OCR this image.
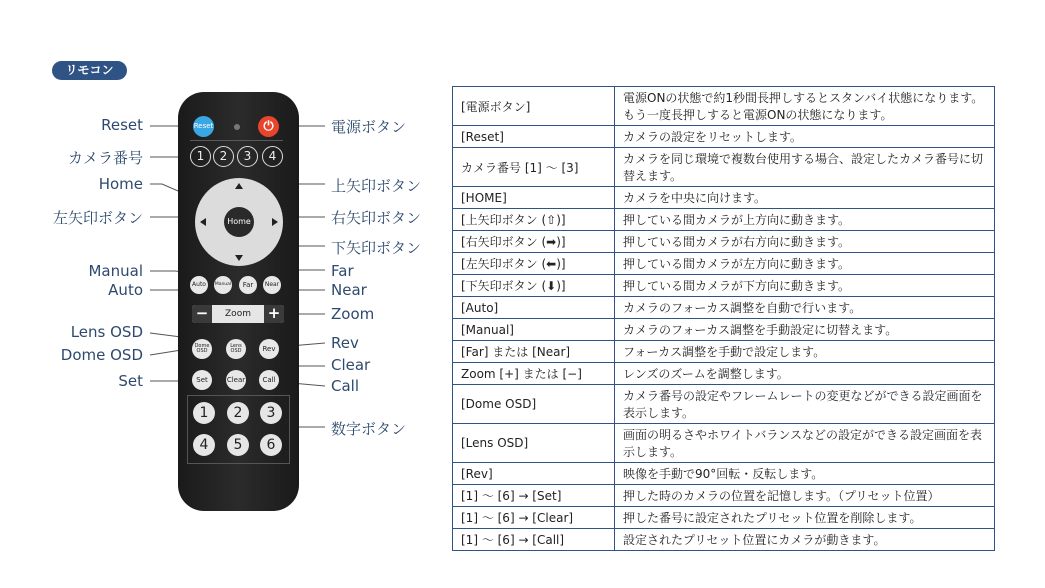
リモコン
Reset	⏻
1	2	3	4
Home
Auto	Manual	Far	Near
−	Zoom	+
Dome OSD
Lens OSD	Rev
Set	Clear	Call
1	2	3
4	5	6
Reset
カメラ番号
Home
左矢印ボタン
Manual
Auto
Lens OSD
Dome OSD
Set
電源ボタン
上矢印ボタン
右矢印ボタン
下矢印ボタン
Far
Near
Zoom
Rev
Clear
Call
数字ボタン
[電源ボタン]	電源ONの状態で約1秒間長押しするとスタンバイ状態になります。もう一度長押しすると電源ONの状態になります。
[Reset]	カメラの設定をリセットします。
カメラ番号 [1] ～ [3]	カメラを同じ環境で複数台使用する場合、設定したカメラ番号に切替えます。
[HOME]	カメラを中央に向けます。
[上矢印ボタン (⇧)]	押している間カメラが上方向に動きます。
[右矢印ボタン (➡)]	押している間カメラが右方向に動きます。
[左矢印ボタン (⬅)]	押している間カメラが左方向に動きます。
[下矢印ボタン (⬇)]	押している間カメラが下方向に動きます。
[Auto]	カメラのフォーカス調整を自動で行います。
[Manual]	カメラのフォーカス調整を手動設定に切替えます。
[Far] または [Near]	フォーカス調整を手動で設定します。
Zoom [+] または [−]	レンズのズームを調整します。
[Dome OSD]	カメラ番号の設定やフレームレートの変更などができる設定画面を表示します。
[Lens OSD]	画面の明るさやホワイトバランスなどの設定ができる設定画面を表示します。
[Rev]	映像を手動で90°回転・反転します。
[1] ～ [6] → [Set]	押した時のカメラの位置を記憶します。（プリセット位置）
[1] ～ [6] → [Clear]	押した番号に設定されたプリセット位置を削除します。
[1] ～ [6] → [Call]	設定されたプリセット位置にカメラが動きます。
